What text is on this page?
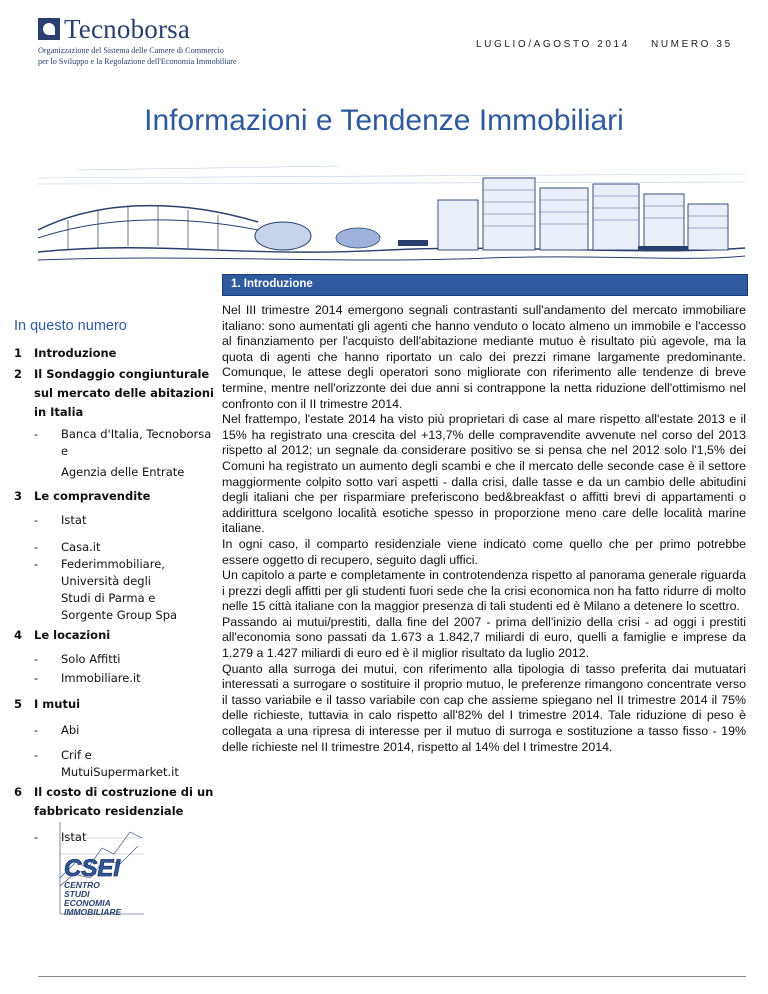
Tecnoborsa
Organizzazione del Sistema delle Camere di Commercio
per lo Sviluppo e la Regolazione dell'Economia Immobiliare
LUGLIO/AGOSTO 2014 NUMERO 35
Informazioni e Tendenze Immobiliari
1. Introduzione
In questo numero
1	Introduzione
2	Il Sondaggio congiunturale sul mercato delle abitazioni in Italia
-	Banca d'Italia, Tecnoborsa e
Agenzia delle Entrate
3	Le compravendite
-	Istat
-	Casa.it
-	Federimmobiliare, Università degli Studi di Parma e Sorgente Group Spa
4	Le locazioni
-	Solo Affitti
-	Immobiliare.it
5	I mutui
-	Abi
-	Crif e MutuiSupermarket.it
6	Il costo di costruzione di un fabbricato residenziale
-	Istat
CSEI
CENTRO
STUDI
ECONOMIA
IMMOBILIARE

Nel III trimestre 2014 emergono segnali contrastanti sull'andamento del mercato immobiliare italiano: sono aumentati gli agenti che hanno venduto o locato almeno un immobile e l'accesso al finanziamento per l'acquisto dell'abitazione mediante mutuo è risultato più agevole, ma la quota di agenti che hanno riportato un calo dei prezzi rimane largamente predominante. Comunque, le attese degli operatori sono migliorate con riferimento alle tendenze di breve termine, mentre nell'orizzonte dei due anni si contrappone la netta riduzione dell'ottimismo nel confronto con il II trimestre 2014.

Nel frattempo, l'estate 2014 ha visto più proprietari di case al mare rispetto all'estate 2013 e il 15% ha registrato una crescita del +13,7% delle compravendite avvenute nel corso del 2013 rispetto al 2012; un segnale da considerare positivo se si pensa che nel 2012 solo l'1,5% dei Comuni ha registrato un aumento degli scambi e che il mercato delle seconde case è il settore maggiormente colpito sotto vari aspetti - dalla crisi, dalle tasse e da un cambio delle abitudini degli italiani che per risparmiare preferiscono bed&breakfast o affitti brevi di appartamenti o addirittura scelgono località esotiche spesso in proporzione meno care delle località marine italiane.

In ogni caso, il comparto residenziale viene indicato come quello che per primo potrebbe essere oggetto di recupero, seguito dagli uffici.

Un capitolo a parte e completamente in controtendenza rispetto al panorama generale riguarda i prezzi degli affitti per gli studenti fuori sede che la crisi economica non ha fatto ridurre di molto nelle 15 città italiane con la maggior presenza di tali studenti ed è Milano a detenere lo scettro.

Passando ai mutui/prestiti, dalla fine del 2007 - prima dell'inizio della crisi - ad oggi i prestiti all'economia sono passati da 1.673 a 1.842,7 miliardi di euro, quelli a famiglie e imprese da 1.279 a 1.427 miliardi di euro ed è il miglior risultato da luglio 2012.

Quanto alla surroga dei mutui, con riferimento alla tipologia di tasso preferita dai mutuatari interessati a surrogare o sostituire il proprio mutuo, le preferenze rimangono concentrate verso il tasso variabile e il tasso variabile con cap che assieme spiegano nel II trimestre 2014 il 75% delle richieste, tuttavia in calo rispetto all'82% del I trimestre 2014. Tale riduzione di peso è collegata a una ripresa di interesse per il mutuo di surroga e sostituzione a tasso fisso - 19% delle richieste nel II trimestre 2014, rispetto al 14% del I trimestre 2014.
